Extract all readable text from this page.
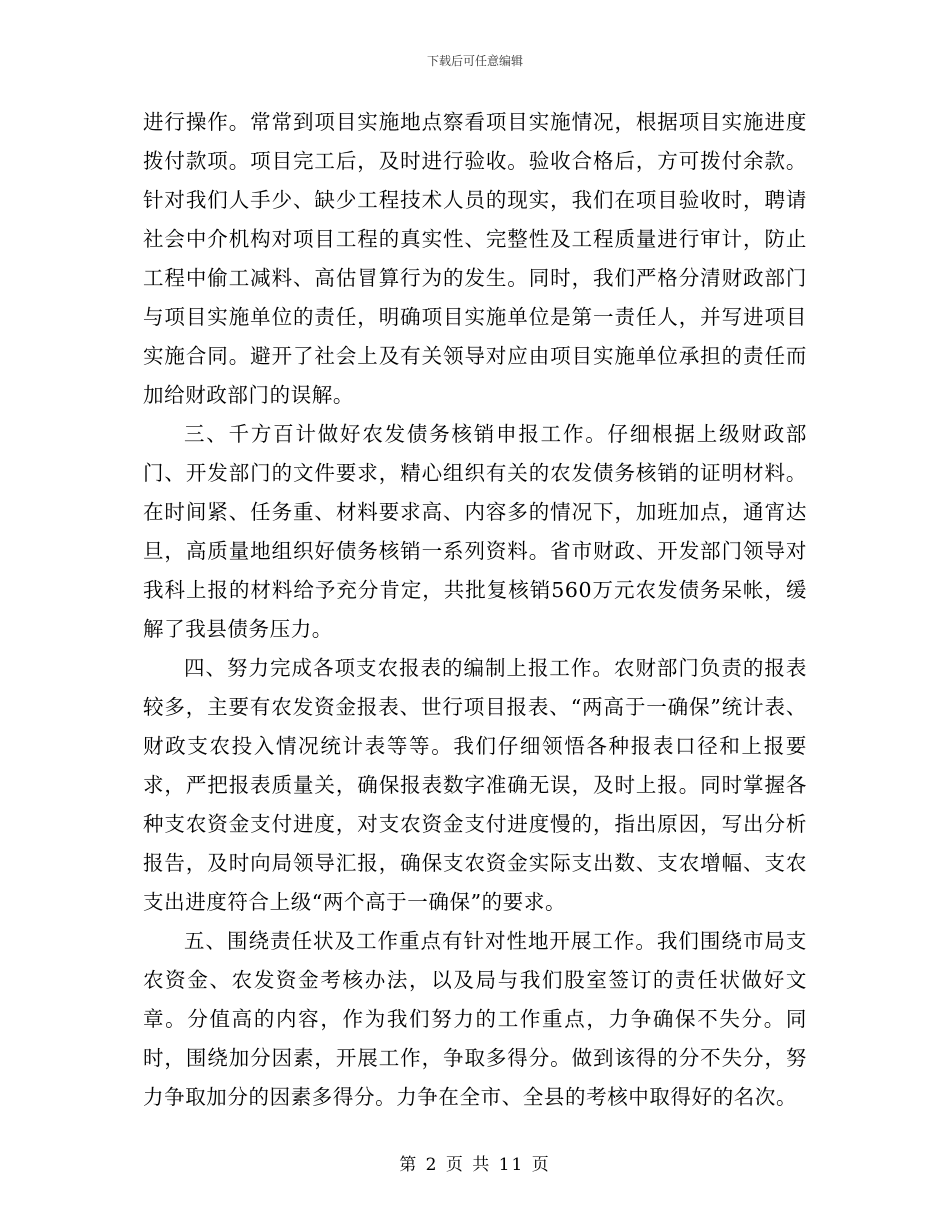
下载后可任意编辑

进行操作。常常到项目实施地点察看项目实施情况，根据项目实施进度拨付款项。项目完工后，及时进行验收。验收合格后，方可拨付余款。针对我们人手少、缺少工程技术人员的现实，我们在项目验收时，聘请社会中介机构对项目工程的真实性、完整性及工程质量进行审计，防止工程中偷工减料、高估冒算行为的发生。同时，我们严格分清财政部门与项目实施单位的责任，明确项目实施单位是第一责任人，并写进项目实施合同。避开了社会上及有关领导对应由项目实施单位承担的责任而加给财政部门的误解。

三、千方百计做好农发债务核销申报工作。仔细根据上级财政部门、开发部门的文件要求，精心组织有关的农发债务核销的证明材料。在时间紧、任务重、材料要求高、内容多的情况下，加班加点，通宵达旦，高质量地组织好债务核销一系列资料。省市财政、开发部门领导对我科上报的材料给予充分肯定，共批复核销560万元农发债务呆帐，缓解了我县债务压力。

四、努力完成各项支农报表的编制上报工作。农财部门负责的报表较多，主要有农发资金报表、世行项目报表、“两高于一确保”统计表、财政支农投入情况统计表等等。我们仔细领悟各种报表口径和上报要求，严把报表质量关，确保报表数字准确无误，及时上报。同时掌握各种支农资金支付进度，对支农资金支付进度慢的，指出原因，写出分析报告，及时向局领导汇报，确保支农资金实际支出数、支农增幅、支农支出进度符合上级“两个高于一确保”的要求。

五、围绕责任状及工作重点有针对性地开展工作。我们围绕市局支农资金、农发资金考核办法，以及局与我们股室签订的责任状做好文章。分值高的内容，作为我们努力的工作重点，力争确保不失分。同时，围绕加分因素，开展工作，争取多得分。做到该得的分不失分，努力争取加分的因素多得分。力争在全市、全县的考核中取得好的名次。

第 2 页 共 11 页
